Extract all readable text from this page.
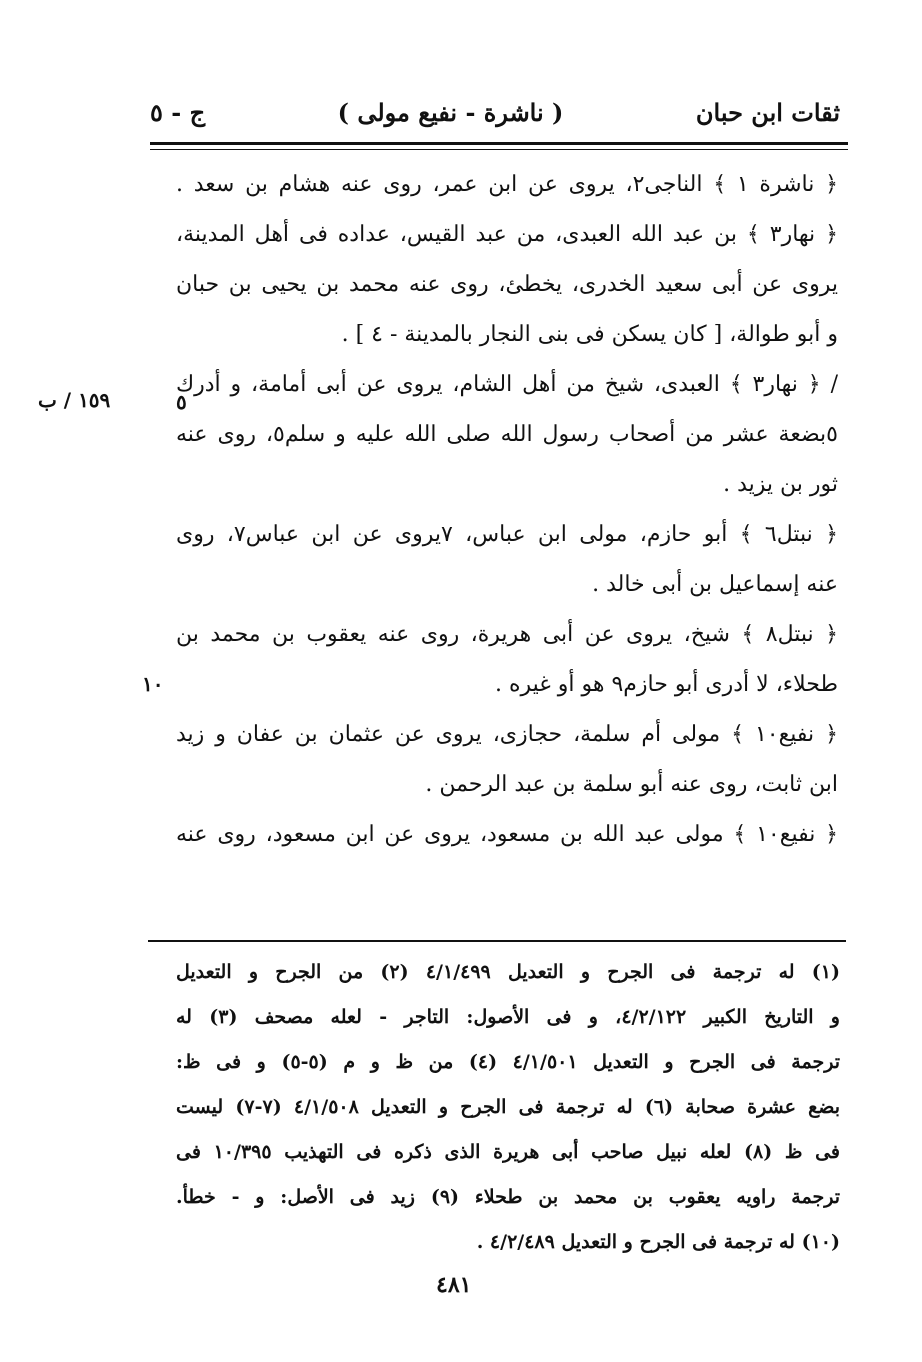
ثقات ابن حبان
( ناشرة - نفيع مولى )
ج - ٥
١٥٩ / ب	٥
١٠
﴿ ناشرة ١ ﴾ الناجى٢، يروى عن ابن عمر، روى عنه هشام بن سعد .
﴿ نهار٣ ﴾ بن عبد الله العبدى، من عبد القيس، عداده فى أهل المدينة،
يروى عن أبى سعيد الخدرى، يخطئ، روى عنه محمد بن يحيى بن حبان
و أبو طوالة، [ كان يسكن فى بنى النجار بالمدينة - ٤ ] .
/ ﴿ نهار٣ ﴾ العبدى، شيخ من أهل الشام، يروى عن أبى أمامة، و أدرك
٥بضعة عشر من أصحاب رسول الله صلى الله عليه و سلم٥، روى عنه
ثور بن يزيد .
﴿ نبتل٦ ﴾ أبو حازم، مولى ابن عباس، ٧يروى عن ابن عباس٧، روى
عنه إسماعيل بن أبى خالد .
﴿ نبتل٨ ﴾ شيخ، يروى عن أبى هريرة، روى عنه يعقوب بن محمد بن
طحلاء، لا أدرى أبو حازم٩ هو أو غيره .
﴿ نفيع١٠ ﴾ مولى أم سلمة، حجازى، يروى عن عثمان بن عفان و زيد
ابن ثابت، روى عنه أبو سلمة بن عبد الرحمن .
﴿ نفيع١٠ ﴾ مولى عبد الله بن مسعود، يروى عن ابن مسعود، روى عنه
(١) له ترجمة فى الجرح و التعديل ٤/١/٤٩٩ (٢) من الجرح و التعديل
و التاريخ الكبير ٤/٢/١٢٢، و فى الأصول: التاجر - لعله مصحف (٣) له
ترجمة فى الجرح و التعديل ٤/١/٥٠١ (٤) من ظ و م (٥-٥) و فى ظ:
بضع عشرة صحابة (٦) له ترجمة فى الجرح و التعديل ٤/١/٥٠٨ (٧-٧) ليست
فى ظ (٨) لعله نبيل صاحب أبى هريرة الذى ذكره فى التهذيب ١٠/٣٩٥ فى
ترجمة راويه يعقوب بن محمد بن طحلاء (٩) زيد فى الأصل: و - خطأ.
(١٠) له ترجمة فى الجرح و التعديل ٤/٢/٤٨٩ .
٤٨١
